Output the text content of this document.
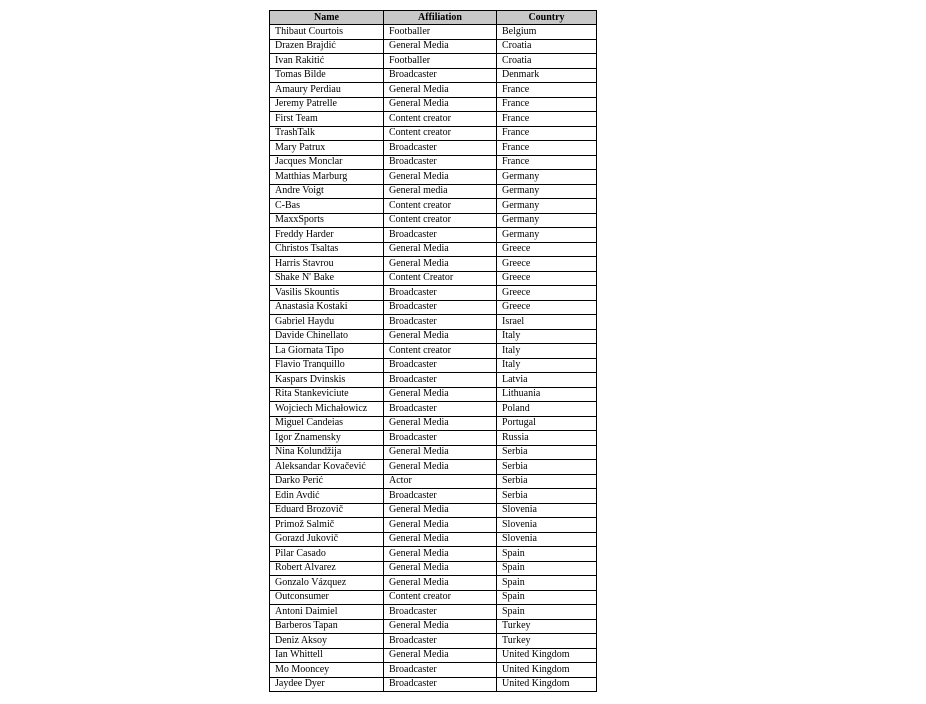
Name	Affiliation	Country
Thibaut Courtois	Footballer	Belgium
Drazen Brajdić	General Media	Croatia
Ivan Rakitić	Footballer	Croatia
Tomas Bilde	Broadcaster	Denmark
Amaury Perdiau	General Media	France
Jeremy Patrelle	General Media	France
First Team	Content creator	France
TrashTalk	Content creator	France
Mary Patrux	Broadcaster	France
Jacques Monclar	Broadcaster	France
Matthias Marburg	General Media	Germany
Andre Voigt	General media	Germany
C-Bas	Content creator	Germany
MaxxSports	Content creator	Germany
Freddy Harder	Broadcaster	Germany
Christos Tsaltas	General Media	Greece
Harris Stavrou	General Media	Greece
Shake N' Bake	Content Creator	Greece
Vasilis Skountis	Broadcaster	Greece
Anastasia Kostaki	Broadcaster	Greece
Gabriel Haydu	Broadcaster	Israel
Davide Chinellato	General Media	Italy
La Giornata Tipo	Content creator	Italy
Flavio Tranquillo	Broadcaster	Italy
Kaspars Dvinskis	Broadcaster	Latvia
Rita Stankeviciute	General Media	Lithuania
Wojciech Michałowicz	Broadcaster	Poland
Miguel Candeias	General Media	Portugal
Igor Znamensky	Broadcaster	Russia
Nina Kolundžija	General Media	Serbia
Aleksandar Kovačević	General Media	Serbia
Darko Perić	Actor	Serbia
Edin Avdić	Broadcaster	Serbia
Eduard Brozovič	General Media	Slovenia
Primož Salmič	General Media	Slovenia
Gorazd Jukovič	General Media	Slovenia
Pilar Casado	General Media	Spain
Robert Alvarez	General Media	Spain
Gonzalo Vázquez	General Media	Spain
Outconsumer	Content creator	Spain
Antoni Daimiel	Broadcaster	Spain
Barberos Tapan	General Media	Turkey
Deniz Aksoy	Broadcaster	Turkey
Ian Whittell	General Media	United Kingdom
Mo Mooncey	Broadcaster	United Kingdom
Jaydee Dyer	Broadcaster	United Kingdom
